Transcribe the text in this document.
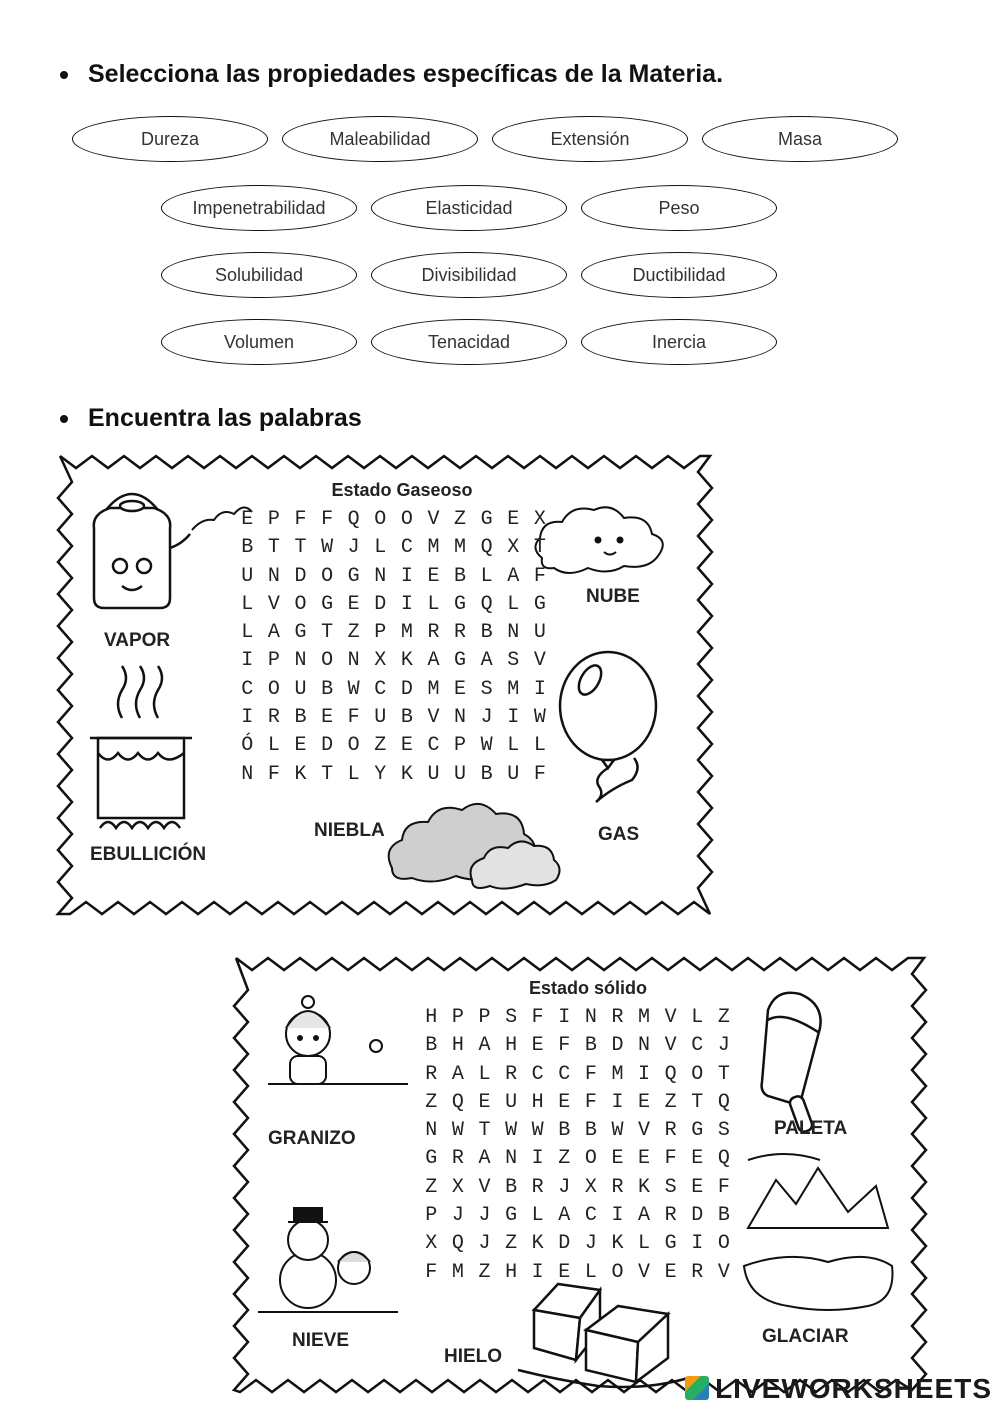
Selecciona las propiedades específicas de la Materia.
Dureza	Maleabilidad	Extensión	Masa
Impenetrabilidad	Elasticidad	Peso
Solubilidad	Divisibilidad	Ductibilidad
Volumen	Tenacidad	Inercia
Encuentra las palabras
Estado Gaseoso
E P F F Q O O V Z G E X
B T T W J L C M M Q X T
U N D O G N I E B L A F
L V O G E D I L G Q L G
L A G T Z P M R R B N U
I P N O N X K A G A S V
C O U B W C D M E S M I
I R B E F U B V N J I W
Ó L E D O Z E C P W L L
N F K T L Y K U U B U F
VAPOR
EBULLICIÓN
NIEBLA
NUBE
GAS
Estado sólido
H P P S F I N R M V L Z
B H A H E F B D N V C J
R A L R C C F M I Q O T
Z Q E U H E F I E Z T Q
N W T W W B B W V R G S
G R A N I Z O E E F E Q
Z X V B R J X R K S E F
P J J G L A C I A R D B
X Q J Z K D J K L G I O
F M Z H I E L O V E R V
GRANIZO
NIEVE
HIELO
PALETA
GLACIAR
LIVEWORKSHEETS
